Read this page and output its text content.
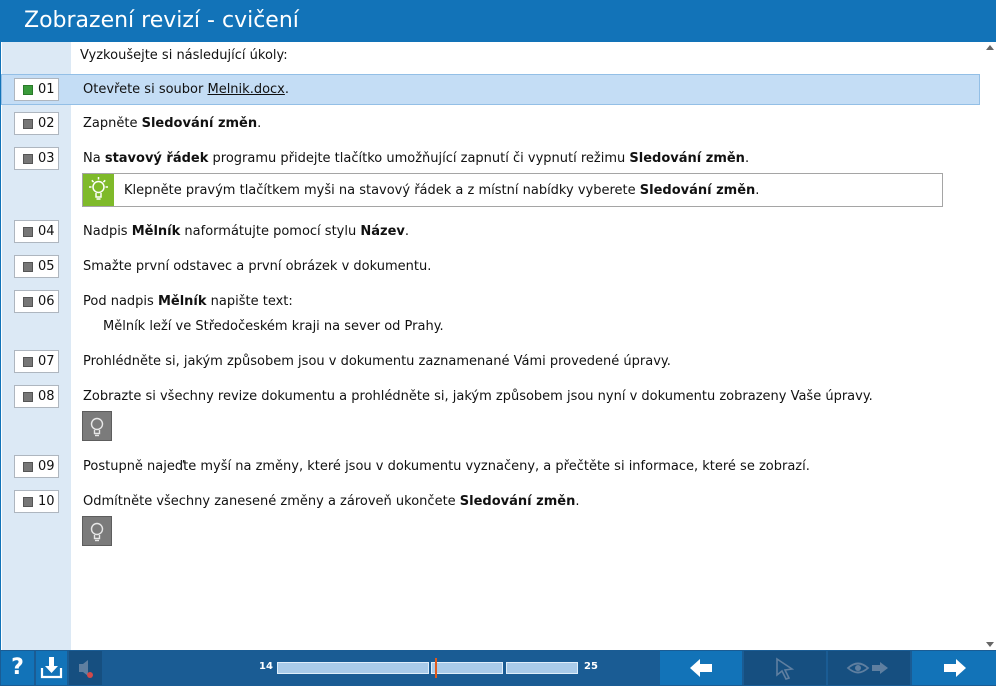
Zobrazení revizí - cvičení
Vyzkoušejte si následující úkoly:
01 Otevřete si soubor Melnik.docx.
02 Zapněte Sledování změn.
03 Na stavový řádek programu přidejte tlačítko umožňující zapnutí či vypnutí režimu Sledování změn.
Klepněte pravým tlačítkem myši na stavový řádek a z místní nabídky vyberete Sledování změn.
04 Nadpis Mělník naformátujte pomocí stylu Název.
05 Smažte první odstavec a první obrázek v dokumentu.
06 Pod nadpis Mělník napište text:
Mělník leží ve Středočeském kraji na sever od Prahy.
07 Prohlédněte si, jakým způsobem jsou v dokumentu zaznamenané Vámi provedené úpravy.
08 Zobrazte si všechny revize dokumentu a prohlédněte si, jakým způsobem jsou nyní v dokumentu zobrazeny Vaše úpravy.
09 Postupně najeďte myší na změny, které jsou v dokumentu vyznačeny, a přečtěte si informace, které se zobrazí.
10 Odmítněte všechny zanesené změny a zároveň ukončete Sledování změn.
?	14	25
